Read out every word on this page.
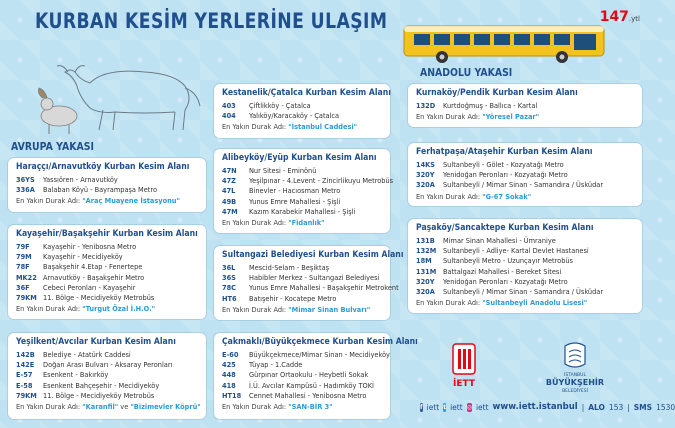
KURBAN KESİM YERLERİNE ULAŞIM	147.ytl
ANADOLU YAKASI
AVRUPA YAKASI
Kestanelik/Çatalca Kurban Kesim Alanı
403	Çiftlikköy - Çatalca
404	Yalıköy/Karacaköy - Çatalca
En Yakın Durak Adı: "İstanbul Caddesi"
Haraççı/Arnavutköy Kurban Kesim Alanı
36YS	Yassıören - Arnavutköy
336A	Balaban Köyü - Bayrampaşa Metro
En Yakın Durak Adı: "Araç Muayene İstasyonu"
Alibeyköy/Eyüp Kurban Kesim Alanı
47N	Nur Sitesi - Eminönü
47Z	Yeşilpınar - 4.Levent - Zincirlikuyu Metrobüs
47L	Binevler - Hacıosman Metro
49B	Yunus Emre Mahallesi - Şişli
47M	Kazım Karabekir Mahallesi - Şişli
En Yakın Durak Adı: "Fidanlık"
Kayaşehir/Başakşehir Kurban Kesim Alanı
79F	Kayaşehir - Yenibosna Metro
79M	Kayaşehir - Mecidiyeköy
78F	Başakşehir 4.Etap - Fenertepe
MK22 Arnavutköy - Başakşehir Metro
36F	Cebeci Peronları - Kayaşehir
79KM 11. Bölge - Mecidiyeköy Metrobüs
En Yakın Durak Adı: "Turgut Özal İ.H.O."
Sultangazi Belediyesi Kurban Kesim Alanı
36L	Mescid-Selam - Beşiktaş
36S	Habibler Merkez - Sultangazi Belediyesi
78C	Yunus Emre Mahallesi - Başakşehir Metrokent
HT6	Batışehir - Kocatepe Metro
En Yakın Durak Adı: "Mimar Sinan Bulvarı"
Yeşilkent/Avcılar Kurban Kesim Alanı
142B	Belediye - Atatürk Caddesi
142E	Doğan Arası Bulvarı - Aksaray Peronları
E-57	Esenkent - Bakırköy
E-58	Esenkent Bahçeşehir - Mecidiyeköy
79KM 11. Bölge - Mecidiyeköy Metrobüs
En Yakın Durak Adı: "Karanfil" ve "Bizimevler Köprü"
Çakmaklı/Büyükçekmece Kurban Kesim Alanı
E-60	Büyükçekmece/Mimar Sinan - Mecidiyeköy
425	Tüyap - 1.Cadde
448	Gürpınar Ortaokulu - Heybetli Sokak
418	İ.Ü. Avcılar Kampüsü - Hadımköy TOKİ
HT18	Cennet Mahallesi - Yenibosna Metro
En Yakın Durak Adı: "SAN-BİR 3"
Kurnaköy/Pendik Kurban Kesim Alanı
132D	Kurtdoğmuş - Ballıca - Kartal
En Yakın Durak Adı: "Yöresel Pazar"
Ferhatpaşa/Ataşehir Kurban Kesim Alanı
14KS	Sultanbeyli - Gölet - Kozyatağı Metro
320Y	Yenidoğan Peronları - Kozyatağı Metro
320A	Sultanbeyli / Mimar Sinan - Samandıra / Üsküdar
En Yakın Durak Adı: "G-67 Sokak"
Paşaköy/Sancaktepe Kurban Kesim Alanı
131B	Mimar Sinan Mahallesi - Ümraniye
132M	Sultanbeyli - Adliye- Kartal Devlet Hastanesi
18M	Sultanbeyli Metro - Uzunçayır Metrobüs
131M	Battalgazi Mahallesi - Bereket Sitesi
320Y	Yenidoğan Peronları - Kozyatağı Metro
320A	Sultanbeyli / Mimar Sinan - Samandıra / Üsküdar
En Yakın Durak Adı: "Sultanbeyli Anadolu Lisesi"
İETT
İSTANBUL
BÜYÜKŞEHİR
BELEDİYESİ
f iett t iett ◎ iett www.iett.istanbul | ALO 153 | SMS 1530
